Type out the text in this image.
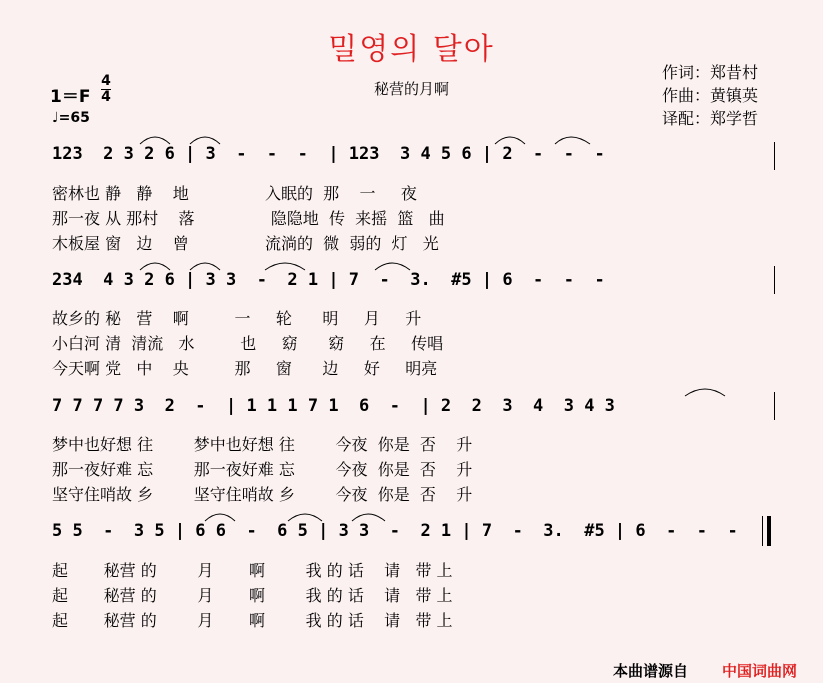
밀영의 달아
秘营的月啊
作词：郑昔村
作曲：黄镇英
译配：郑学哲
1＝F
4
4
♩=65
123  2 3 2 6 | 3  -  -  -  | 123  3 4 5 6 | 2  -  -  -
密林也 静   静    地               入眠的  那    一     夜
那一夜 从 那村    落               隐隐地  传  来摇  篮   曲
木板屋 窗   边    曾               流淌的  微  弱的  灯   光
234  4 3 2 6 | 3 3  -  2 1 | 7  -  3.  #5 | 6  -  -  -
故乡的 秘   营    啊         一     轮      明     月     升
小白河 清  清流   水         也     窈      窈     在     传唱
今天啊 党   中    央         那     窗      边     好     明亮
7 7 7 7 3  2  -  | 1 1 1 7 1  6  -  | 2  2  3  4  3 4 3
梦中也好想 往        梦中也好想 往        今夜  你是  否    升
那一夜好难 忘        那一夜好难 忘        今夜  你是  否    升
坚守住哨故 乡        坚守住哨故 乡        今夜  你是  否    升
5 5  -  3 5 | 6 6  -  6 5 | 3 3  -  2 1 | 7  -  3.  #5 | 6  -  -  -
起       秘营 的        月       啊        我 的 话    请   带 上
起       秘营 的        月       啊        我 的 话    请   带 上
起       秘营 的        月       啊        我 的 话    请   带 上
本曲谱源自 中国词曲网
